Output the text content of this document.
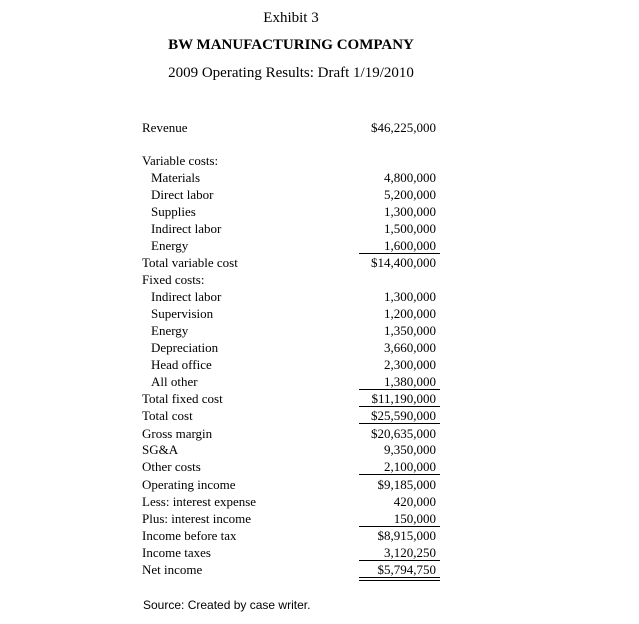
Exhibit 3
BW MANUFACTURING COMPANY
2009 Operating Results: Draft 1/19/2010
Revenue	$46,225,000
Variable costs:
Materials	4,800,000
Direct labor	5,200,000
Supplies	1,300,000
Indirect labor	1,500,000
Energy	1,600,000
Total variable cost	$14,400,000
Fixed costs:
Indirect labor	1,300,000
Supervision	1,200,000
Energy	1,350,000
Depreciation	3,660,000
Head office	2,300,000
All other	1,380,000
Total fixed cost	$11,190,000
Total cost	$25,590,000
Gross margin	$20,635,000
SG&A	9,350,000
Other costs	2,100,000
Operating income	$9,185,000
Less: interest expense	420,000
Plus: interest income	150,000
Income before tax	$8,915,000
Income taxes	3,120,250
Net income	$5,794,750
Source: Created by case writer.
